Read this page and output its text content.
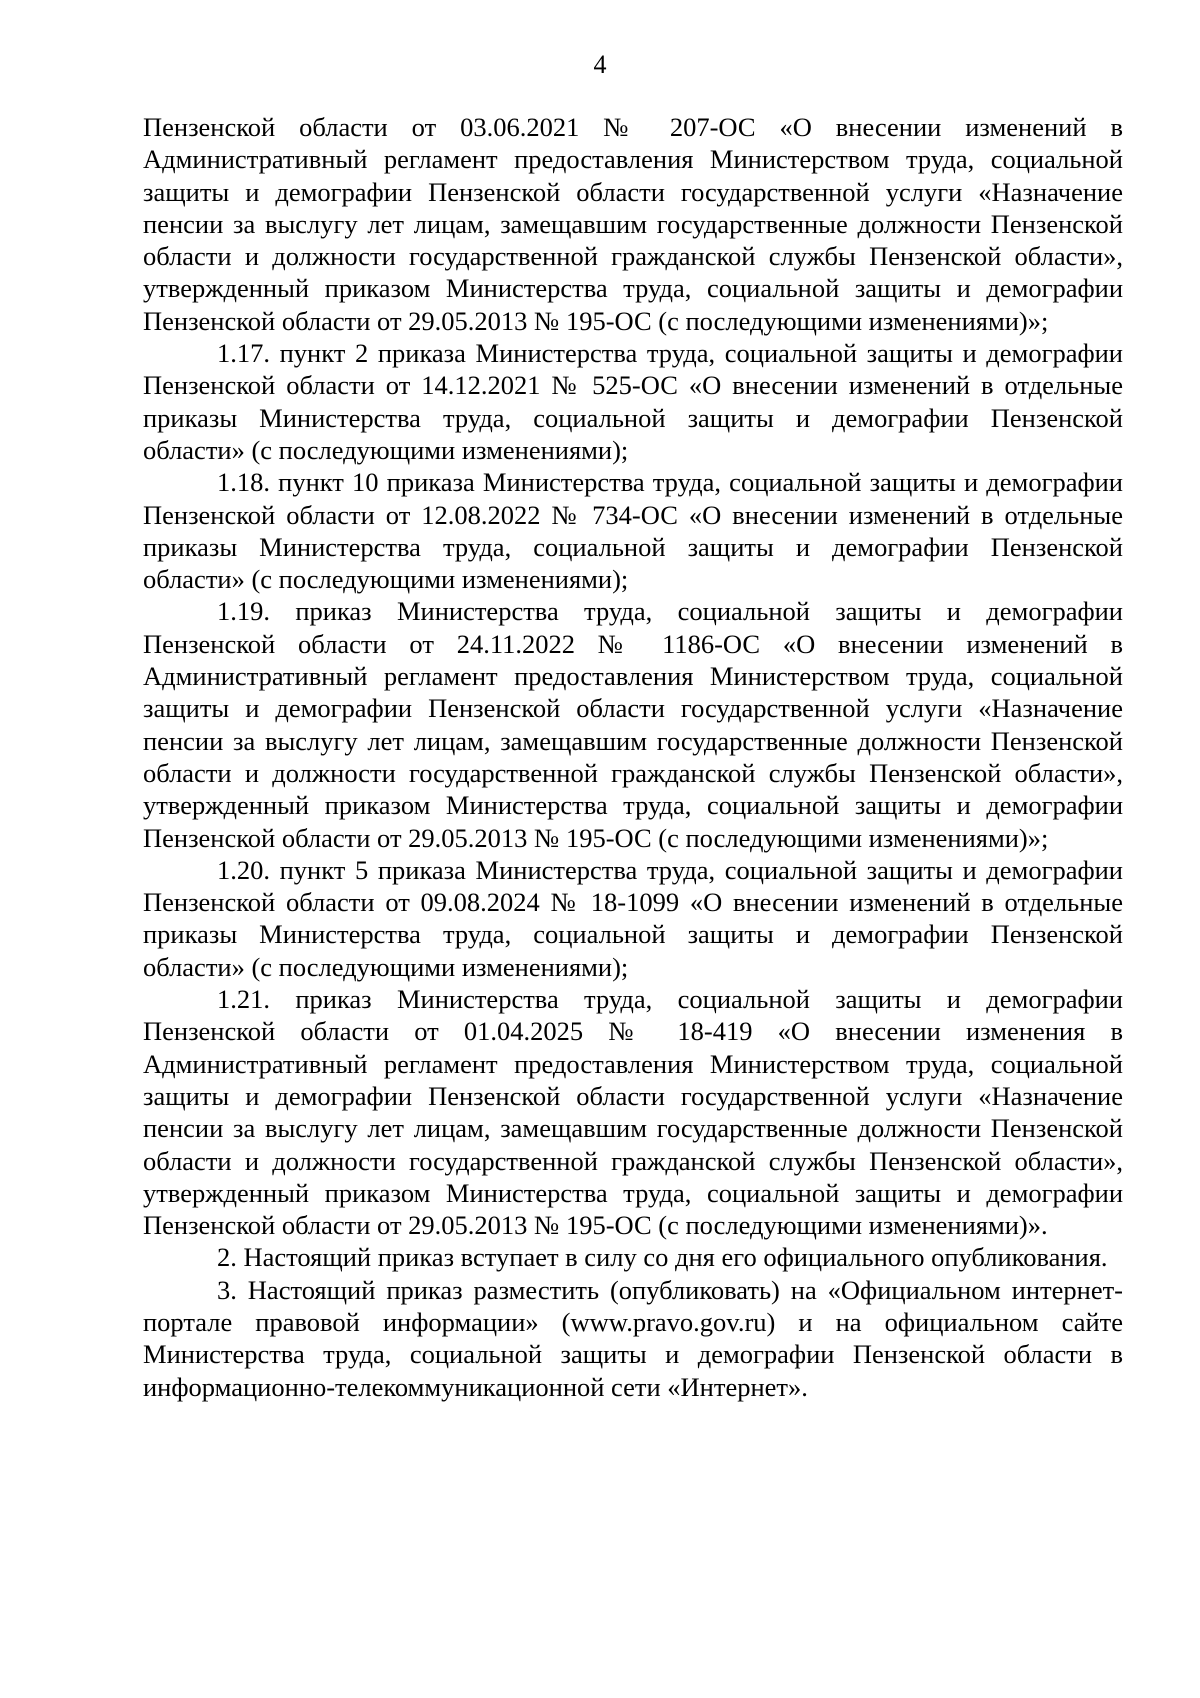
4

Пензенской области от 03.06.2021 № 207-ОС «О внесении изменений в Административный регламент предоставления Министерством труда, социальной защиты и демографии Пензенской области государственной услуги «Назначение пенсии за выслугу лет лицам, замещавшим государственные должности Пензенской области и должности государственной гражданской службы Пензенской области», утвержденный приказом Министерства труда, социальной защиты и демографии Пензенской области от 29.05.2013 № 195-ОС (с последующими изменениями)»;

1.17. пункт 2 приказа Министерства труда, социальной защиты и демографии Пензенской области от 14.12.2021 № 525-ОС «О внесении изменений в отдельные приказы Министерства труда, социальной защиты и демографии Пензенской области» (с последующими изменениями);

1.18. пункт 10 приказа Министерства труда, социальной защиты и демографии Пензенской области от 12.08.2022 № 734-ОС «О внесении изменений в отдельные приказы Министерства труда, социальной защиты и демографии Пензенской области» (с последующими изменениями);

1.19. приказ Министерства труда, социальной защиты и демографии Пензенской области от 24.11.2022 № 1186-ОС «О внесении изменений в Административный регламент предоставления Министерством труда, социальной защиты и демографии Пензенской области государственной услуги «Назначение пенсии за выслугу лет лицам, замещавшим государственные должности Пензенской области и должности государственной гражданской службы Пензенской области», утвержденный приказом Министерства труда, социальной защиты и демографии Пензенской области от 29.05.2013 № 195-ОС (с последующими изменениями)»;

1.20. пункт 5 приказа Министерства труда, социальной защиты и демографии Пензенской области от 09.08.2024 № 18-1099 «О внесении изменений в отдельные приказы Министерства труда, социальной защиты и демографии Пензенской области» (с последующими изменениями);

1.21. приказ Министерства труда, социальной защиты и демографии Пензенской области от 01.04.2025 № 18-419 «О внесении изменения в Административный регламент предоставления Министерством труда, социальной защиты и демографии Пензенской области государственной услуги «Назначение пенсии за выслугу лет лицам, замещавшим государственные должности Пензенской области и должности государственной гражданской службы Пензенской области», утвержденный приказом Министерства труда, социальной защиты и демографии Пензенской области от 29.05.2013 № 195-ОС (с последующими изменениями)».

2. Настоящий приказ вступает в силу со дня его официального опубликования.

3. Настоящий приказ разместить (опубликовать) на «Официальном интернет-портале правовой информации» (www.pravo.gov.ru) и на официальном сайте Министерства труда, социальной защиты и демографии Пензенской области в информационно-телекоммуникационной сети «Интернет».
